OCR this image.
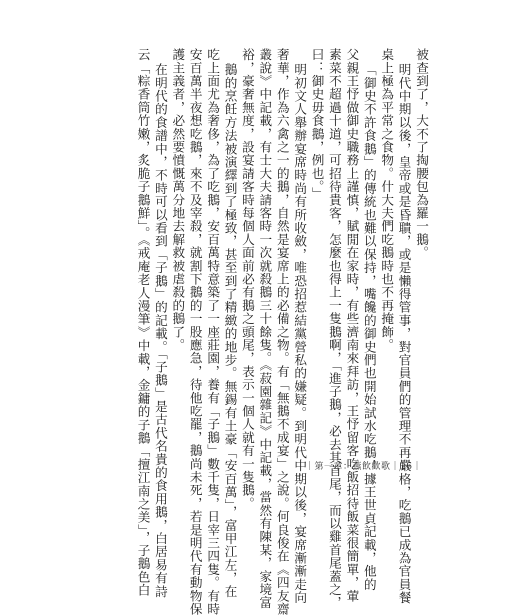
被查到了，大不了掏腰包為羅一鵝。
明代中期以後，皇帝或是昏聵，或是懶得管事，對官員們的管理不再嚴格，吃鵝已成為官員餐
桌上極為平常之食物。什大夫們吃鵝時也不再掩飾。
「御史不許食鵝」的傳統也難以保持，嘴饞的御史們也開始試水吃鵝，據王世貞記載，他的
父親王忬做御史職務上謹慎，賦閒在家時，有些濟南來拜訪，王忬留客吃飯招待飯菜很簡單，葷
素菜不超過十道，可招待貴客，怎麼也得上一隻鵝啊，「進子鵝，必去其首尾，而以雞首尾蓋之，
曰：御史毋食鵝，例也。」
明初文人舉辦宴席時尚有所收斂，唯恐招惹結黨營私的嫌疑。到明代中期以後，宴席漸漸走向
奢華，作為六禽之一的鵝，自然是宴席上的必備之物。有「無鵝不成宴」之說。何良俊在《四友齋
叢說》中記載，有士大夫請客時一次就殺鵝三十餘隻。《菽園雜記》中記載，當然有陳某，家境富
裕，豪奢無度，設宴請客時每個人面前必有鵝之頭尾，表示一個人就有一隻鵝。
鵝的烹飪方法被演繹到了極致，甚至到了精緻的地步。無錫有土豪「安百萬」，富甲江左，在
吃上面尤為奢侈，為了吃鵝，安百萬特意築了一座莊園，養有「子鵝」數千隻，日宰三四隻。有時
安百萬半夜想吃鵝，來不及宰殺，就割下鵝的一股應急，待他吃罷，鵝尚未死，若是明代有動物保
護主義者，必然要憤慨萬分地去解救被虐殺的鵝了。
在明代的食譜中，不時可以看到「子鵝」的記載。「子鵝」是古代名貴的食用鵝，白居易有詩
云「粽香筒竹嫩，炙脆子鵝鮮」。《戒庵老人漫筆》中載，金鏞的子鵝「擅江南之美」，子鵝色白	｜第一章：燕飲歡歌｜16｜
